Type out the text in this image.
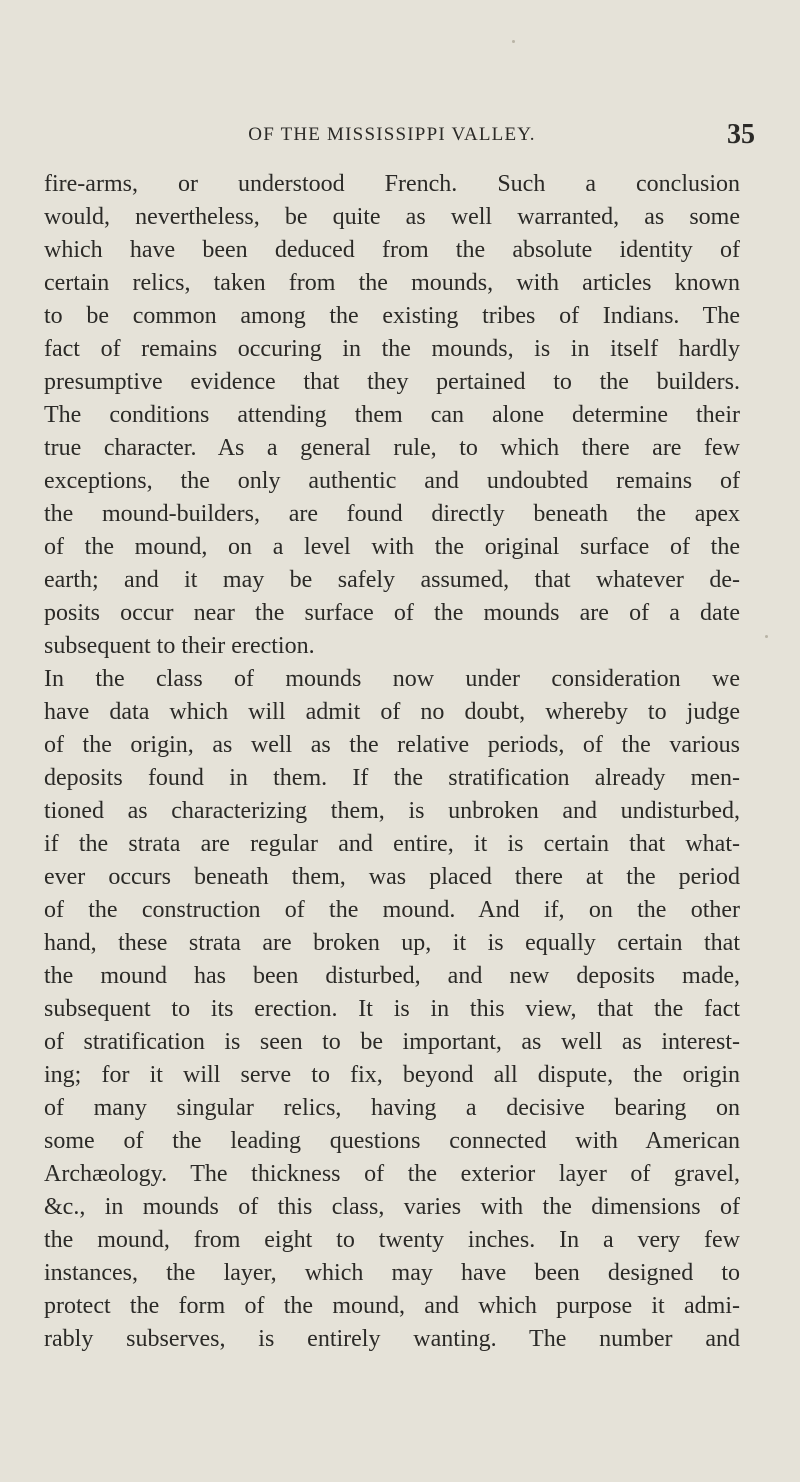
OF THE MISSISSIPPI VALLEY.	35
fire-arms, or understood French. Such a conclusion
would, nevertheless, be quite as well warranted, as some
which have been deduced from the absolute identity of
certain relics, taken from the mounds, with articles known
to be common among the existing tribes of Indians. The
fact of remains occuring in the mounds, is in itself hardly
presumptive evidence that they pertained to the builders.
The conditions attending them can alone determine their
true character. As a general rule, to which there are few
exceptions, the only authentic and undoubted remains of
the mound-builders, are found directly beneath the apex
of the mound, on a level with the original surface of the
earth; and it may be safely assumed, that whatever de-
posits occur near the surface of the mounds are of a date
subsequent to their erection.
In the class of mounds now under consideration we
have data which will admit of no doubt, whereby to judge
of the origin, as well as the relative periods, of the various
deposits found in them. If the stratification already men-
tioned as characterizing them, is unbroken and undisturbed,
if the strata are regular and entire, it is certain that what-
ever occurs beneath them, was placed there at the period
of the construction of the mound. And if, on the other
hand, these strata are broken up, it is equally certain that
the mound has been disturbed, and new deposits made,
subsequent to its erection. It is in this view, that the fact
of stratification is seen to be important, as well as interest-
ing; for it will serve to fix, beyond all dispute, the origin
of many singular relics, having a decisive bearing on
some of the leading questions connected with American
Archæology. The thickness of the exterior layer of gravel,
&c., in mounds of this class, varies with the dimensions of
the mound, from eight to twenty inches. In a very few
instances, the layer, which may have been designed to
protect the form of the mound, and which purpose it admi-
rably subserves, is entirely wanting. The number and
